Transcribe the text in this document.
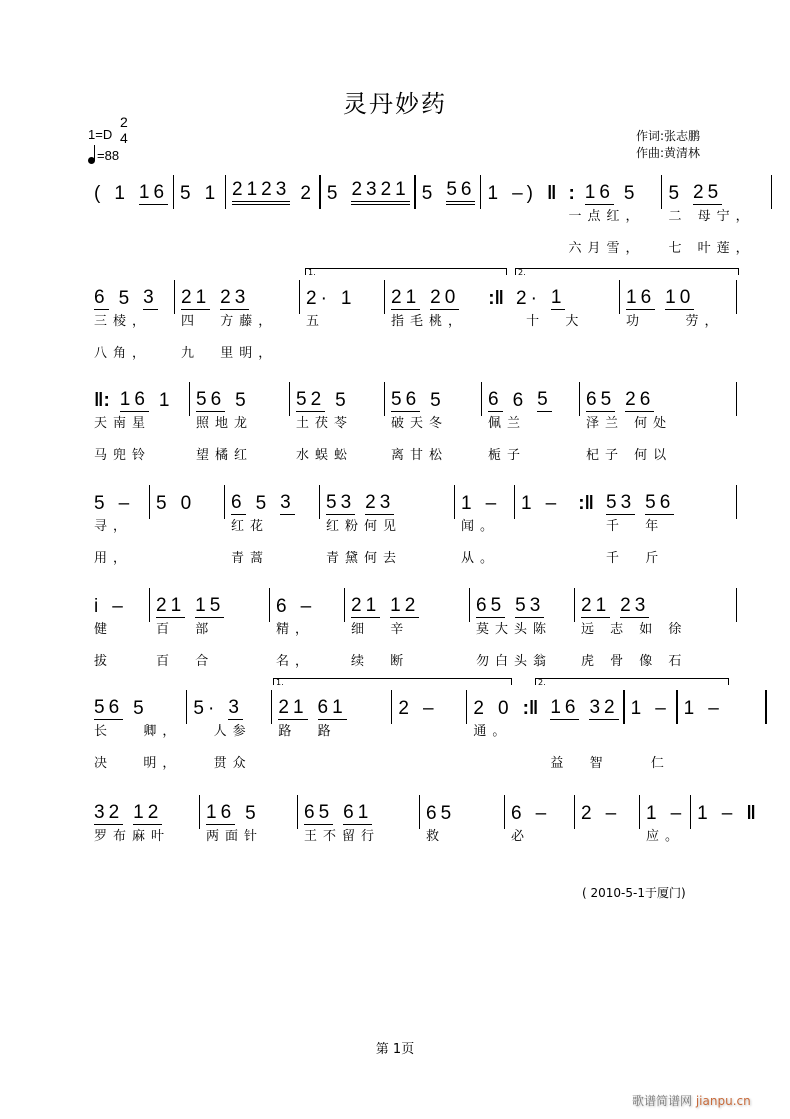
灵丹妙药
1=D
2
4
=88
作词:张志鹏
作曲:黄清林
( 1 16 5 1 2123 2 5 2321 5 56 1 –) ‖ : 16 5
一点红，
六月雪，
5 25
二 母宁，
七 叶莲，
6 5 3
三棱，
八角，
21 23
四  方藤，
九  里明，
2· 1
五
21 20 :‖
指毛桃，
2· 1
十  大
16 10
功    劳，
‖: 16 1
天南星
马兜铃
56 5
照地龙
望橘红
52 5
土茯苓
水蜈蚣
56 5
破天冬
离甘松
6 6 5
佩兰
栀子
65 26
泽兰 何处
杞子 何以
5 –
寻，
用，
5 0 6 5 3
红花
青蒿
53 23
红粉何见
青黛何去
1 –
闻。
从。
1 – :‖ 53 56
千  年
千  斤
i –
健
拔
21 15
百  部
百  合
6 –
精，
名，
21 12
细  辛
续  断
65 53
莫大头陈
勿白头翁
21 23
远 志 如 徐
虎 骨 像 石
56 5
长   卿，
决   明，
5· 3
人参
贯众
21 61
路  路
2 – 2 0 :‖
通。
16 32
益  智
1 –
仁
1 –
32 12
罗布麻叶
16 5
两面针
65 61
王不留行
65
救
6 –
必
2 – 1 –
应。
1 – ‖
( 2010-5-1于厦门)
第 1页
歌谱简谱网 jianpu.cn
1.	2.
1.	2.
